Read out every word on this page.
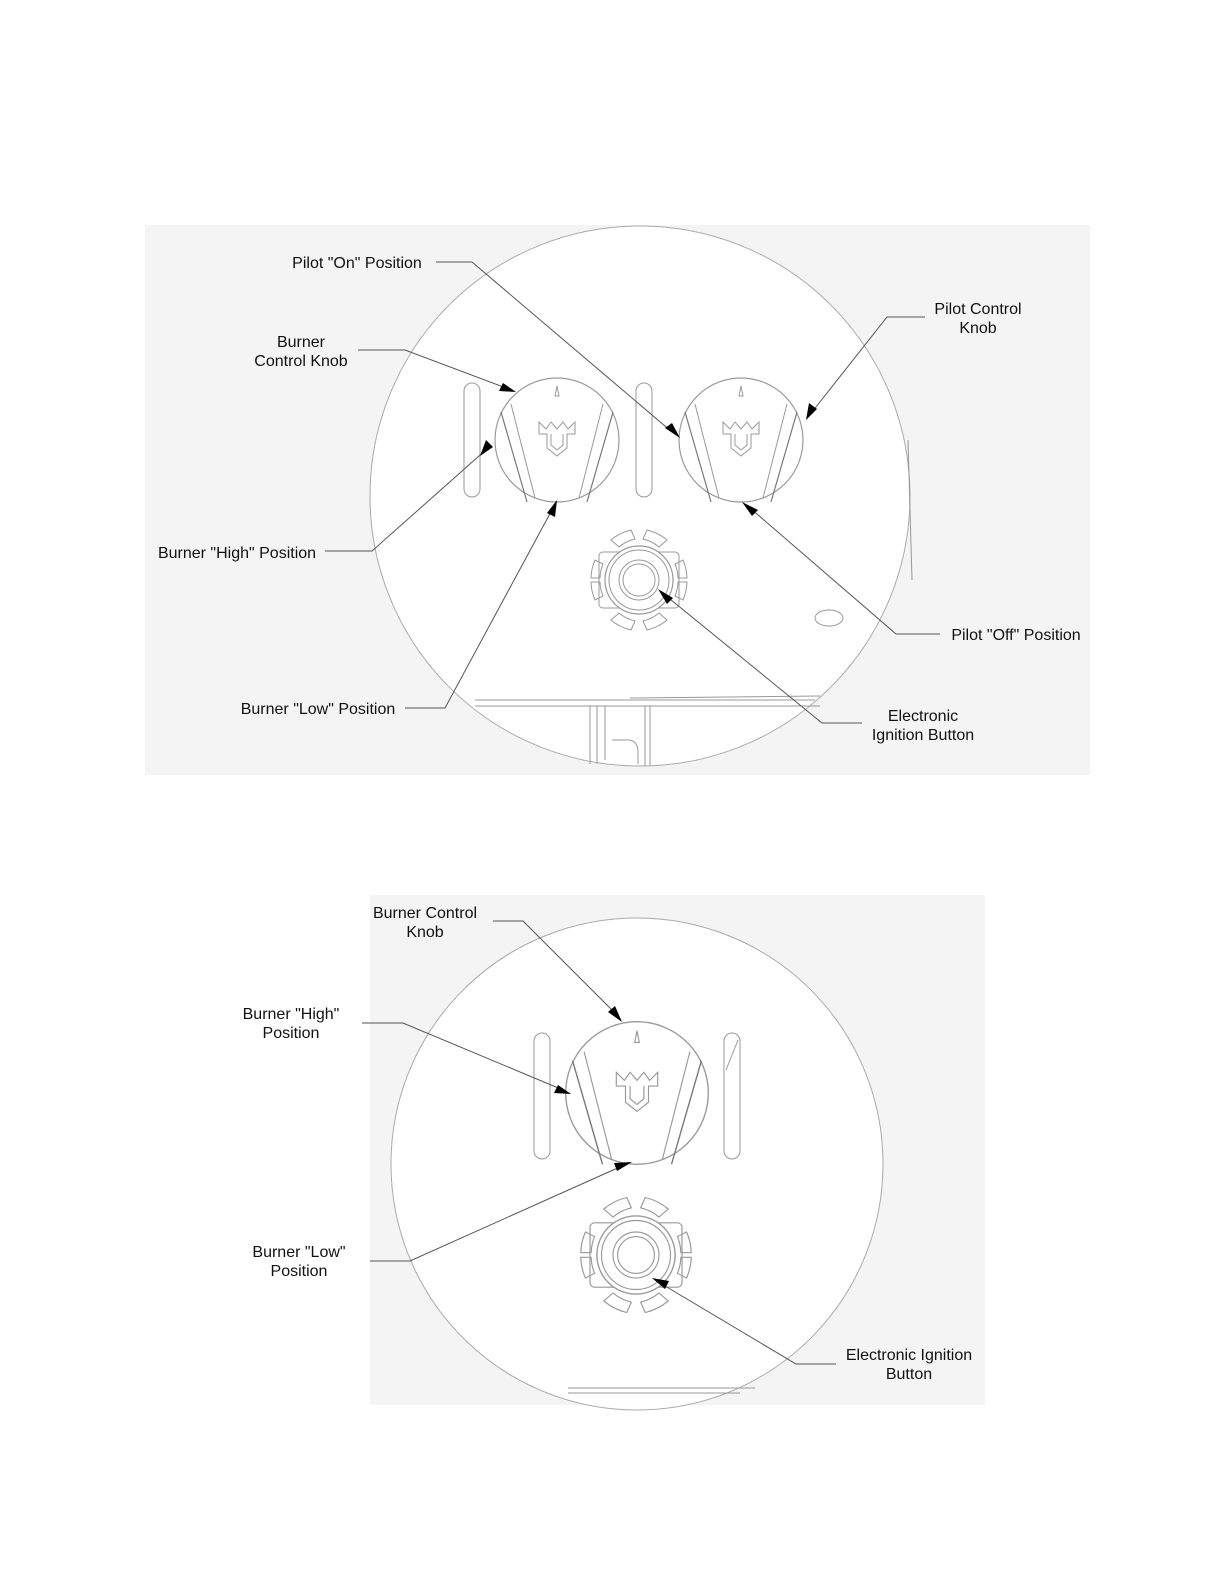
Pilot "On" Position
Pilot Control Knob
Burner Control Knob
Burner "High" Position
Pilot "Off" Position
Burner "Low" Position	Electronic Ignition Button
Burner Control Knob
Burner "High" Position
Burner "Low" Position
Electronic Ignition Button
